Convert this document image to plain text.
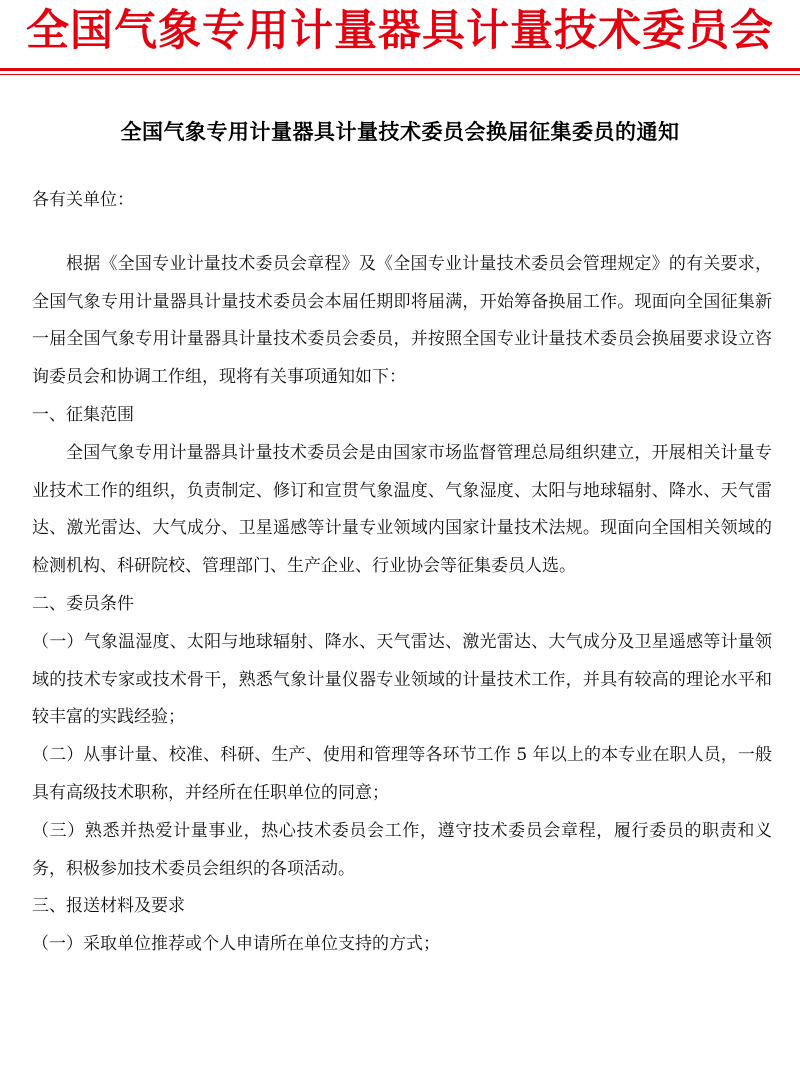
全国气象专用计量器具计量技术委员会
全国气象专用计量器具计量技术委员会换届征集委员的通知

各有关单位：

根据《全国专业计量技术委员会章程》及《全国专业计量技术委员会管理规定》的有关要求，全国气象专用计量器具计量技术委员会本届任期即将届满，开始筹备换届工作。现面向全国征集新一届全国气象专用计量器具计量技术委员会委员，并按照全国专业计量技术委员会换届要求设立咨询委员会和协调工作组，现将有关事项通知如下：

一、征集范围

全国气象专用计量器具计量技术委员会是由国家市场监督管理总局组织建立，开展相关计量专业技术工作的组织，负责制定、修订和宣贯气象温度、气象湿度、太阳与地球辐射、降水、天气雷达、激光雷达、大气成分、卫星遥感等计量专业领域内国家计量技术法规。现面向全国相关领域的检测机构、科研院校、管理部门、生产企业、行业协会等征集委员人选。

二、委员条件

（一）气象温湿度、太阳与地球辐射、降水、天气雷达、激光雷达、大气成分及卫星遥感等计量领域的技术专家或技术骨干，熟悉气象计量仪器专业领域的计量技术工作，并具有较高的理论水平和较丰富的实践经验；

（二）从事计量、校准、科研、生产、使用和管理等各环节工作 5 年以上的本专业在职人员，一般具有高级技术职称，并经所在任职单位的同意；

（三）熟悉并热爱计量事业，热心技术委员会工作，遵守技术委员会章程，履行委员的职责和义务，积极参加技术委员会组织的各项活动。

三、报送材料及要求

（一）采取单位推荐或个人申请所在单位支持的方式；
